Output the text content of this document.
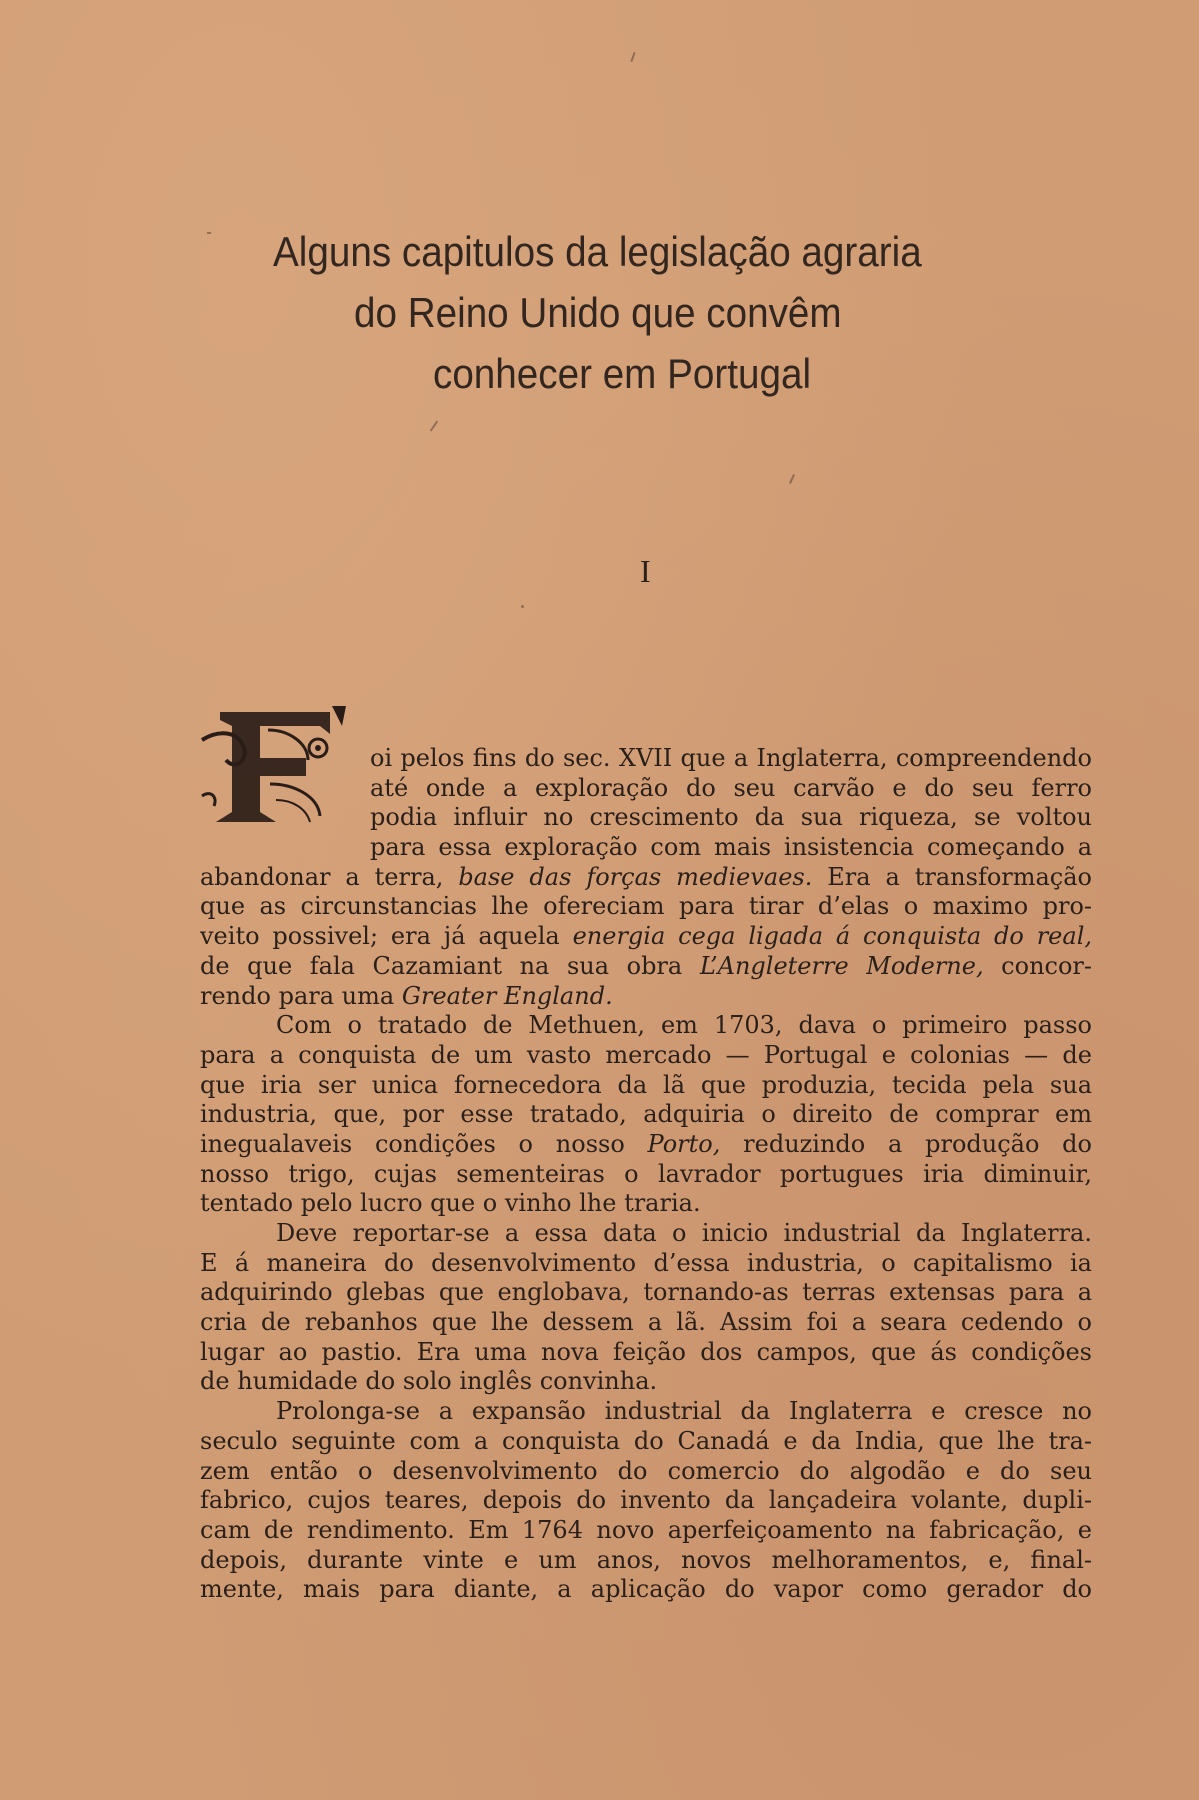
Alguns capitulos da legislação agraria
do Reino Unido que convêm
conhecer em Portugal
I
oi pelos fins do sec. XVII que a Inglaterra, compreendendo
até onde a exploração do seu carvão e do seu ferro
podia influir no crescimento da sua riqueza, se voltou
para essa exploração com mais insistencia começando a
abandonar a terra, base das forças medievaes. Era a transformação
que as circunstancias lhe ofereciam para tirar d’elas o maximo pro-
veito possivel; era já aquela energia cega ligada á conquista do real,
de que fala Cazamiant na sua obra L’Angleterre Moderne, concor-
rendo para uma Greater England.
Com o tratado de Methuen, em 1703, dava o primeiro passo
para a conquista de um vasto mercado — Portugal e colonias — de
que iria ser unica fornecedora da lã que produzia, tecida pela sua
industria, que, por esse tratado, adquiria o direito de comprar em
inegualaveis condições o nosso Porto, reduzindo a produção do
nosso trigo, cujas sementeiras o lavrador portugues iria diminuir,
tentado pelo lucro que o vinho lhe traria.
Deve reportar-se a essa data o inicio industrial da Inglaterra.
E á maneira do desenvolvimento d’essa industria, o capitalismo ia
adquirindo glebas que englobava, tornando-as terras extensas para a
cria de rebanhos que lhe dessem a lã. Assim foi a seara cedendo o
lugar ao pastio. Era uma nova feição dos campos, que ás condições
de humidade do solo inglês convinha.
Prolonga-se a expansão industrial da Inglaterra e cresce no
seculo seguinte com a conquista do Canadá e da India, que lhe tra-
zem então o desenvolvimento do comercio do algodão e do seu
fabrico, cujos teares, depois do invento da lançadeira volante, dupli-
cam de rendimento. Em 1764 novo aperfeiçoamento na fabricação, e
depois, durante vinte e um anos, novos melhoramentos, e, final-
mente, mais para diante, a aplicação do vapor como gerador do
